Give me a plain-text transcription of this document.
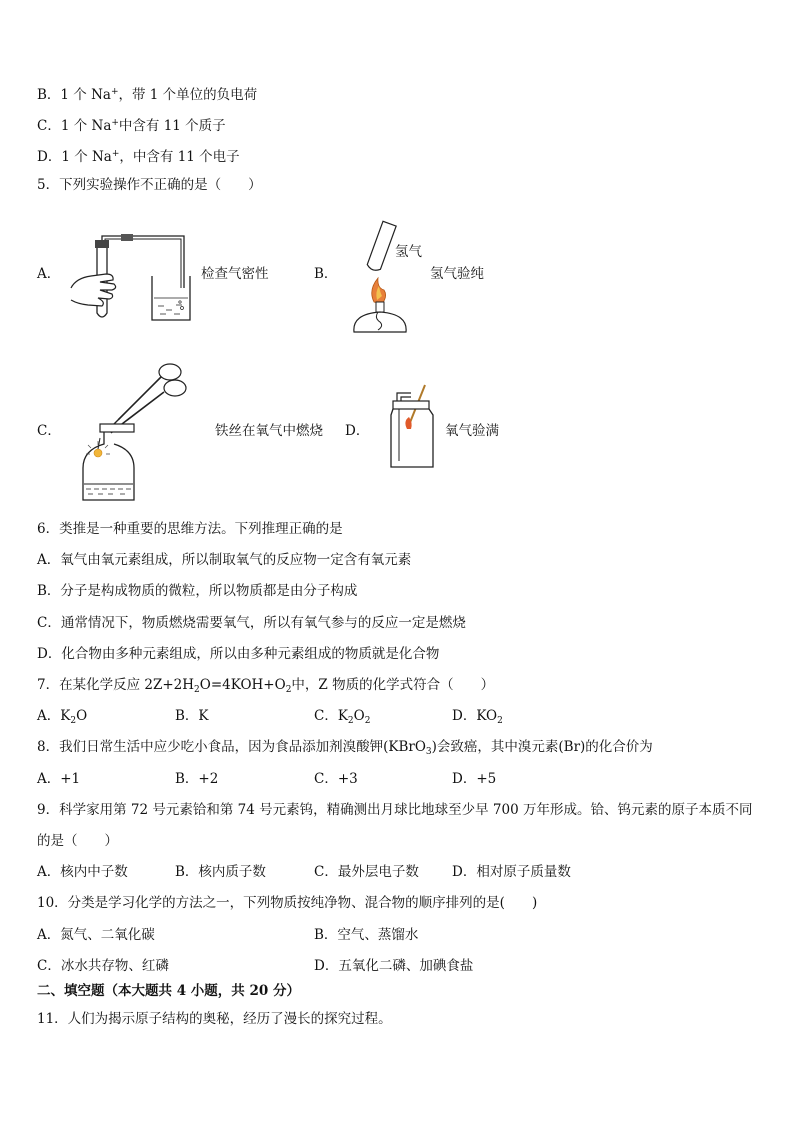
B．1 个 Na+，带 1 个单位的负电荷
C．1 个 Na+中含有 11 个质子
D．1 个 Na+，中含有 11 个电子
5．下列实验操作不正确的是（　　）
A．	检查气密性	B．
氢气
氢气验纯
C．	铁丝在氧气中燃烧 D．	氧气验满
6．类推是一种重要的思维方法。下列推理正确的是
A．氧气由氧元素组成，所以制取氧气的反应物一定含有氧元素
B．分子是构成物质的微粒，所以物质都是由分子构成
C．通常情况下，物质燃烧需要氧气，所以有氧气参与的反应一定是燃烧
D．化合物由多种元素组成，所以由多种元素组成的物质就是化合物
7．在某化学反应 $2Z+2H_2O=4KOH+O_2$中，Z 物质的化学式符合（　　）
A．$K_2O$	B．K	C．$K_2O_2$	D．$KO_2$
8．我们日常生活中应少吃小食品，因为食品添加剂溴酸钾(KBrO$_3$)会致癌，其中溴元素(Br)的化合价为
A．+1	B．+2	C．+3	D．+5
9．科学家用第 72 号元素铪和第 74 号元素钨，精确测出月球比地球至少早 700 万年形成。铪、钨元素的原子本质不同
的是（　　）
A．核内中子数	B．核内质子数	C．最外层电子数 D．相对原子质量数
10．分类是学习化学的方法之一，下列物质按纯净物、混合物的顺序排列的是(　　)
A．氮气、二氧化碳	B．空气、蒸馏水
C．冰水共存物、红磷	D．五氧化二磷、加碘食盐
二、填空题（本大题共 4 小题，共 20 分）
11．人们为揭示原子结构的奥秘，经历了漫长的探究过程。
